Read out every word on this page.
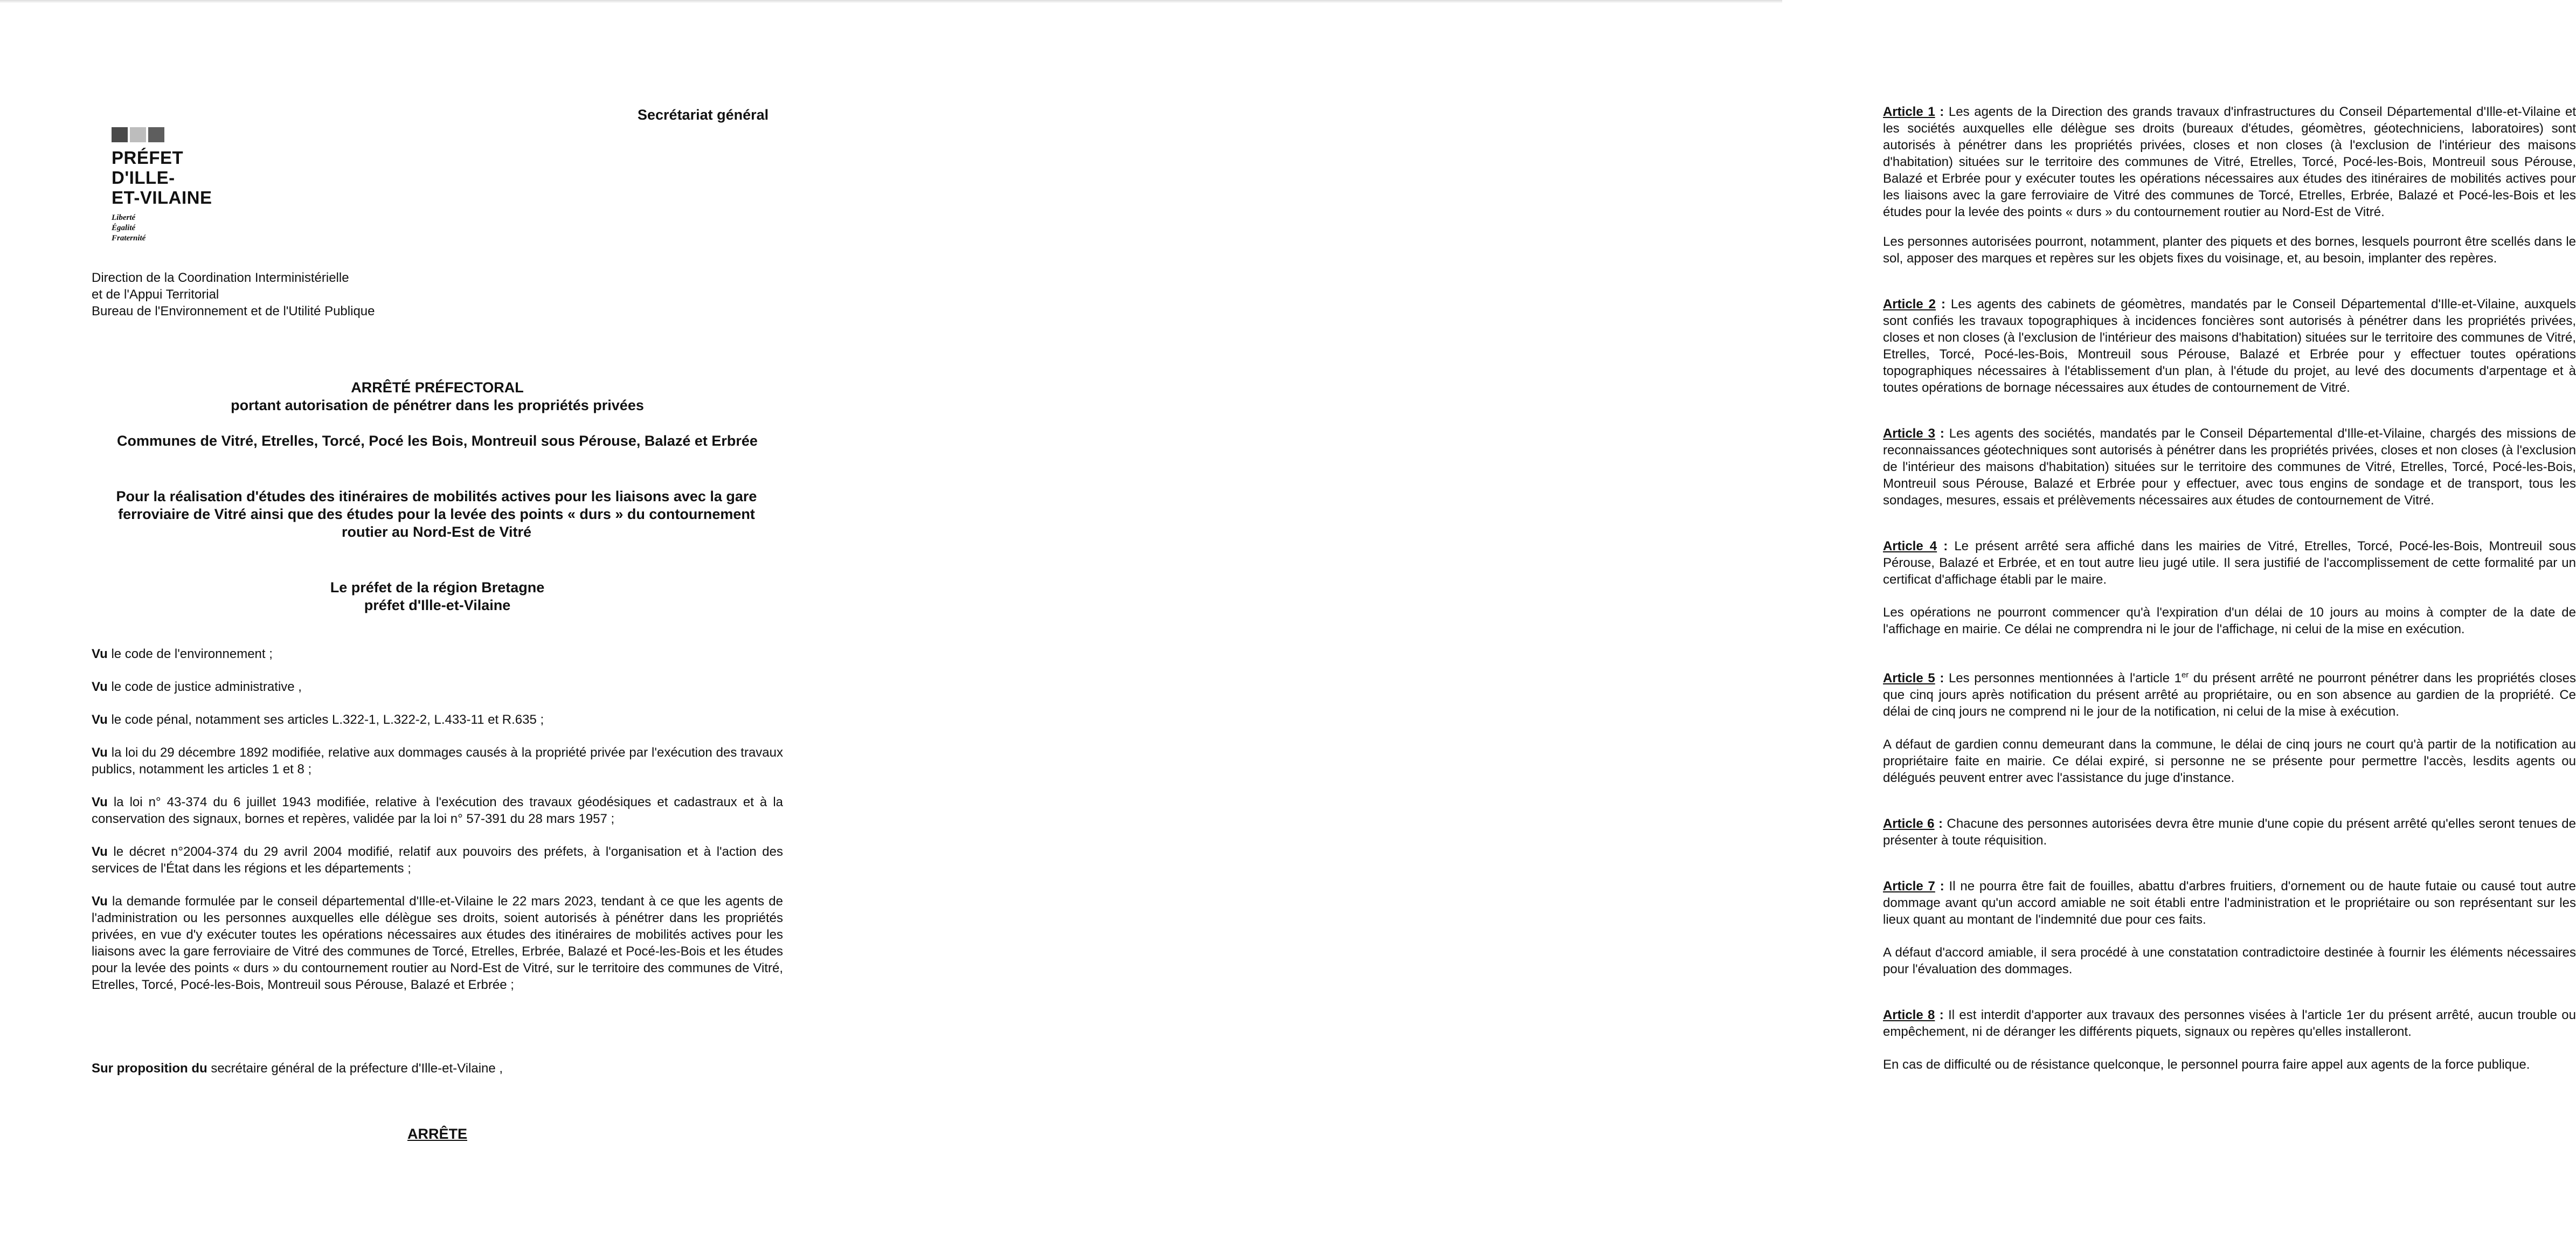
Secrétariat général
PRÉFET
D'ILLE-
ET-VILAINE
Liberté
Égalité
Fraternité
Direction de la Coordination Interministérielle
et de l'Appui Territorial
Bureau de l'Environnement et de l'Utilité Publique
ARRÊTÉ PRÉFECTORAL
portant autorisation de pénétrer dans les propriétés privées
Communes de Vitré, Etrelles, Torcé, Pocé les Bois, Montreuil sous Pérouse, Balazé et Erbrée
Pour la réalisation d'études des itinéraires de mobilités actives pour les liaisons avec la gare ferroviaire de Vitré ainsi que des études pour la levée des points « durs » du contournement routier au Nord-Est de Vitré
Le préfet de la région Bretagne
préfet d'Ille-et-Vilaine

Vu le code de l'environnement ;

Vu le code de justice administrative ,

Vu le code pénal, notamment ses articles L.322-1, L.322-2, L.433-11 et R.635 ;

Vu la loi du 29 décembre 1892 modifiée, relative aux dommages causés à la propriété privée par l'exécution des travaux publics, notamment les articles 1 et 8 ;

Vu la loi n° 43-374 du 6 juillet 1943 modifiée, relative à l'exécution des travaux géodésiques et cadastraux et à la conservation des signaux, bornes et repères, validée par la loi n° 57-391 du 28 mars 1957 ;

Vu le décret n°2004-374 du 29 avril 2004 modifié, relatif aux pouvoirs des préfets, à l'organisation et à l'action des services de l'État dans les régions et les départements ;

Vu la demande formulée par le conseil départemental d'Ille-et-Vilaine le 22 mars 2023, tendant à ce que les agents de l'administration ou les personnes auxquelles elle délègue ses droits, soient autorisés à pénétrer dans les propriétés privées, en vue d'y exécuter toutes les opérations nécessaires aux études des itinéraires de mobilités actives pour les liaisons avec la gare ferroviaire de Vitré des communes de Torcé, Etrelles, Erbrée, Balazé et Pocé-les-Bois et les études pour la levée des points « durs » du contournement routier au Nord-Est de Vitré, sur le territoire des communes de Vitré, Etrelles, Torcé, Pocé-les-Bois, Montreuil sous Pérouse, Balazé et Erbrée ;

Sur proposition du secrétaire général de la préfecture d'Ille-et-Vilaine ,
ARRÊTE

Article 1 : Les agents de la Direction des grands travaux d'infrastructures du Conseil Départemental d'Ille-et-Vilaine et les sociétés auxquelles elle délègue ses droits (bureaux d'études, géomètres, géotechniciens, laboratoires) sont autorisés à pénétrer dans les propriétés privées, closes et non closes (à l'exclusion de l'intérieur des maisons d'habitation) situées sur le territoire des communes de Vitré, Etrelles, Torcé, Pocé-les-Bois, Montreuil sous Pérouse, Balazé et Erbrée pour y exécuter toutes les opérations nécessaires aux études des itinéraires de mobilités actives pour les liaisons avec la gare ferroviaire de Vitré des communes de Torcé, Etrelles, Erbrée, Balazé et Pocé-les-Bois et les études pour la levée des points « durs » du contournement routier au Nord-Est de Vitré.

Les personnes autorisées pourront, notamment, planter des piquets et des bornes, lesquels pourront être scellés dans le sol, apposer des marques et repères sur les objets fixes du voisinage, et, au besoin, implanter des repères.

Article 2 : Les agents des cabinets de géomètres, mandatés par le Conseil Départemental d'Ille-et-Vilaine, auxquels sont confiés les travaux topographiques à incidences foncières sont autorisés à pénétrer dans les propriétés privées, closes et non closes (à l'exclusion de l'intérieur des maisons d'habitation) situées sur le territoire des communes de Vitré, Etrelles, Torcé, Pocé-les-Bois, Montreuil sous Pérouse, Balazé et Erbrée pour y effectuer toutes opérations topographiques nécessaires à l'établissement d'un plan, à l'étude du projet, au levé des documents d'arpentage et à toutes opérations de bornage nécessaires aux études de contournement de Vitré.

Article 3 : Les agents des sociétés, mandatés par le Conseil Départemental d'Ille-et-Vilaine, chargés des missions de reconnaissances géotechniques sont autorisés à pénétrer dans les propriétés privées, closes et non closes (à l'exclusion de l'intérieur des maisons d'habitation) situées sur le territoire des communes de Vitré, Etrelles, Torcé, Pocé-les-Bois, Montreuil sous Pérouse, Balazé et Erbrée pour y effectuer, avec tous engins de sondage et de transport, tous les sondages, mesures, essais et prélèvements nécessaires aux études de contournement de Vitré.

Article 4 : Le présent arrêté sera affiché dans les mairies de Vitré, Etrelles, Torcé, Pocé-les-Bois, Montreuil sous Pérouse, Balazé et Erbrée, et en tout autre lieu jugé utile. Il sera justifié de l'accomplissement de cette formalité par un certificat d'affichage établi par le maire.

Les opérations ne pourront commencer qu'à l'expiration d'un délai de 10 jours au moins à compter de la date de l'affichage en mairie. Ce délai ne comprendra ni le jour de l'affichage, ni celui de la mise en exécution.

Article 5 : Les personnes mentionnées à l'article 1er du présent arrêté ne pourront pénétrer dans les propriétés closes que cinq jours après notification du présent arrêté au propriétaire, ou en son absence au gardien de la propriété. Ce délai de cinq jours ne comprend ni le jour de la notification, ni celui de la mise à exécution.

A défaut de gardien connu demeurant dans la commune, le délai de cinq jours ne court qu'à partir de la notification au propriétaire faite en mairie. Ce délai expiré, si personne ne se présente pour permettre l'accès, lesdits agents ou délégués peuvent entrer avec l'assistance du juge d'instance.

Article 6 : Chacune des personnes autorisées devra être munie d'une copie du présent arrêté qu'elles seront tenues de présenter à toute réquisition.

Article 7 : Il ne pourra être fait de fouilles, abattu d'arbres fruitiers, d'ornement ou de haute futaie ou causé tout autre dommage avant qu'un accord amiable ne soit établi entre l'administration et le propriétaire ou son représentant sur les lieux quant au montant de l'indemnité due pour ces faits.

A défaut d'accord amiable, il sera procédé à une constatation contradictoire destinée à fournir les éléments nécessaires pour l'évaluation des dommages.

Article 8 : Il est interdit d'apporter aux travaux des personnes visées à l'article 1er du présent arrêté, aucun trouble ou empêchement, ni de déranger les différents piquets, signaux ou repères qu'elles installeront.

En cas de difficulté ou de résistance quelconque, le personnel pourra faire appel aux agents de la force publique.
